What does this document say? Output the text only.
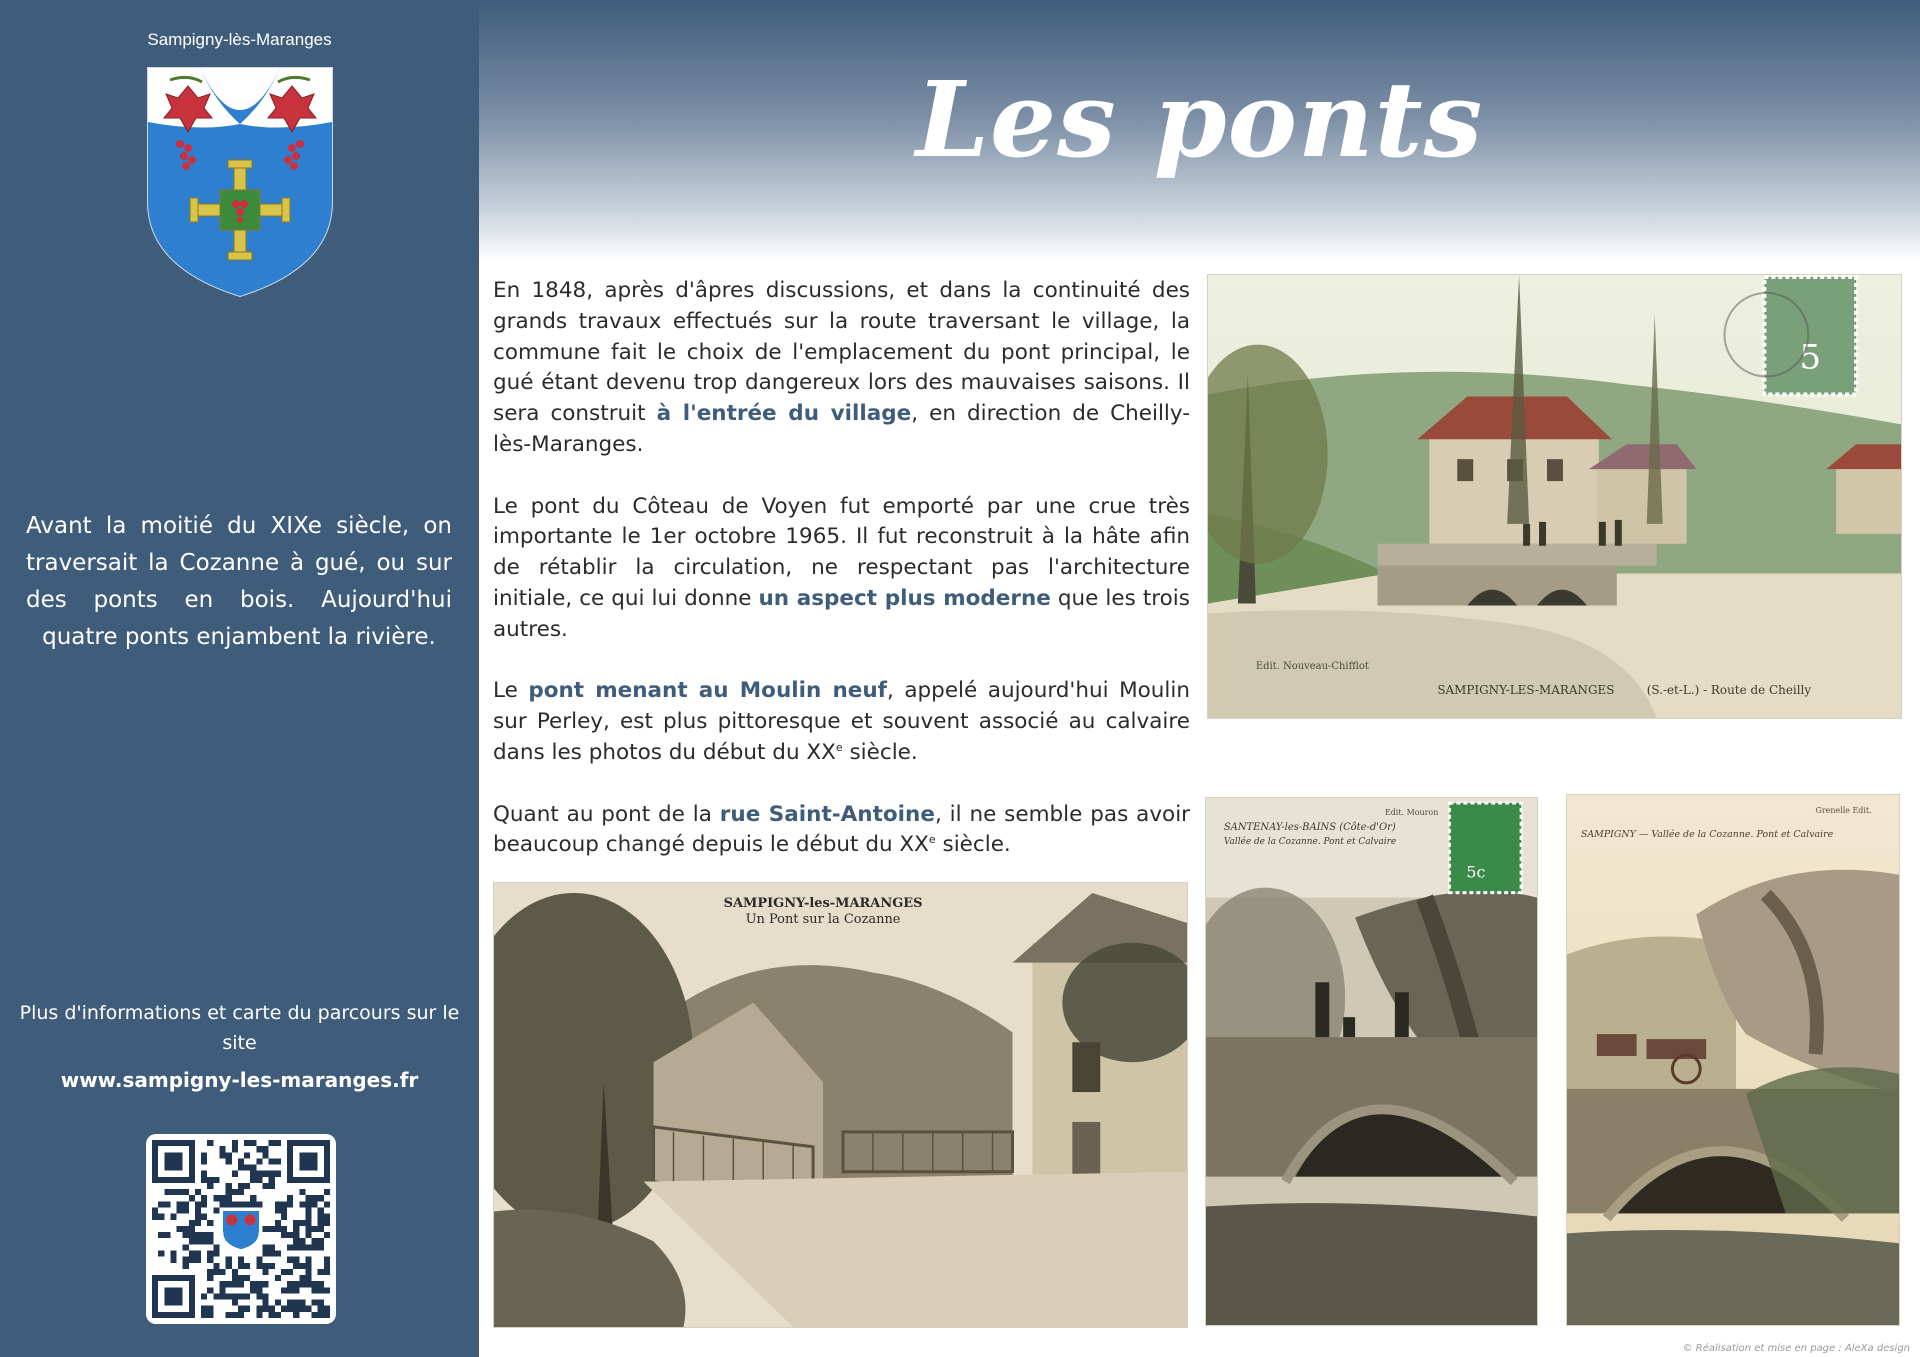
Sampigny-lès-Maranges

Avant la moitié du XIXe siècle, on traversait la Cozanne à gué, ou sur des ponts en bois. Aujourd'hui quatre ponts enjambent la rivière.

Plus d'informations et carte du parcours sur le site

www.sampigny-les-maranges.fr

Les ponts

En 1848, après d'âpres discussions, et dans la continuité des grands travaux effectués sur la route traversant le village, la commune fait le choix de l'emplacement du pont principal, le gué étant devenu trop dangereux lors des mauvaises saisons. Il sera construit à l'entrée du village, en direction de Cheilly-lès-Maranges.

Le pont du Côteau de Voyen fut emporté par une crue très importante le 1er octobre 1965. Il fut reconstruit à la hâte afin de rétablir la circulation, ne respectant pas l'architecture initiale, ce qui lui donne un aspect plus moderne que les trois autres.

Le pont menant au Moulin neuf, appelé aujourd'hui Moulin sur Perley, est plus pittoresque et souvent associé au calvaire dans les photos du début du XXe siècle.

Quant au pont de la rue Saint-Antoine, il ne semble pas avoir beaucoup changé depuis le début du XXe siècle.

5
Edit. Nouveau-Chifflot
SAMPIGNY-LES-MARANGES	(S.-et-L.) - Route de Cheilly
SAMPIGNY-les-MARANGES
Un Pont sur la Cozanne
5c
Edit. Mouron
SANTENAY-les-BAINS (Côte-d'Or)
Vallée de la Cozanne. Pont et Calvaire
Grenelle Edit.
SAMPIGNY — Vallée de la Cozanne. Pont et Calvaire
© Réalisation et mise en page : AleXa design
